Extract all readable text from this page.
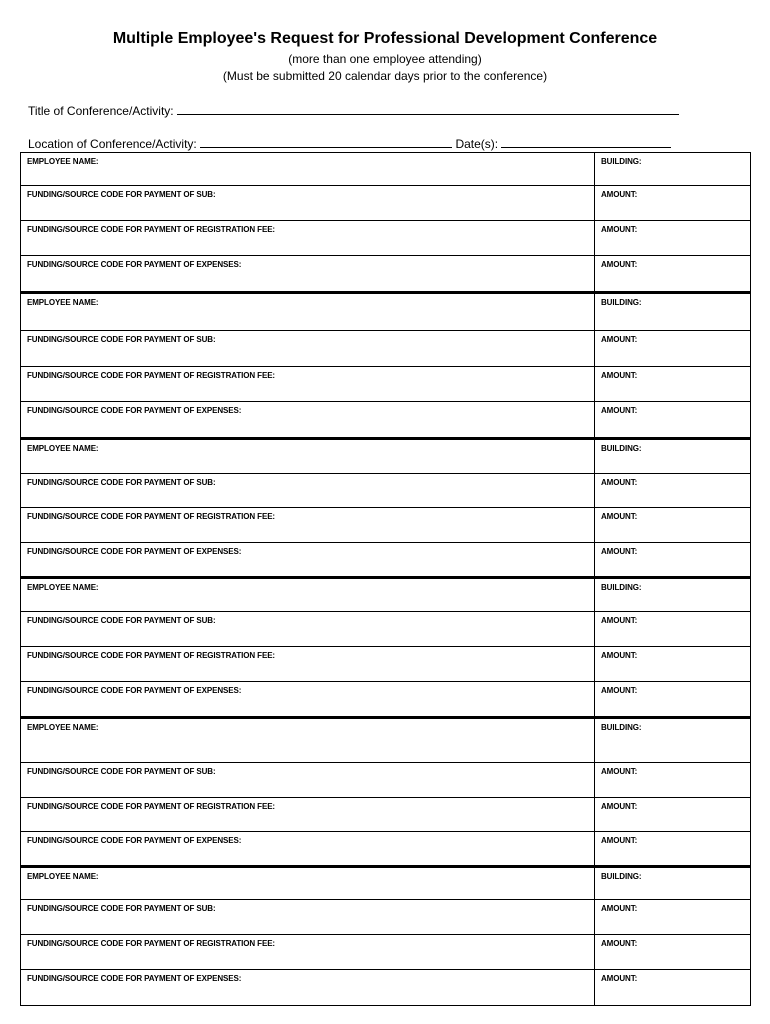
Multiple Employee's Request for Professional Development Conference
(more than one employee attending)
(Must be submitted 20 calendar days prior to the conference)
Title of Conference/Activity:
Location of Conference/Activity:	Date(s):
EMPLOYEE NAME:	BUILDING:
FUNDING/SOURCE CODE FOR PAYMENT OF SUB:	AMOUNT:
FUNDING/SOURCE CODE FOR PAYMENT OF REGISTRATION FEE:	AMOUNT:
FUNDING/SOURCE CODE FOR PAYMENT OF EXPENSES:	AMOUNT:
EMPLOYEE NAME:	BUILDING:
FUNDING/SOURCE CODE FOR PAYMENT OF SUB:	AMOUNT:
FUNDING/SOURCE CODE FOR PAYMENT OF REGISTRATION FEE:	AMOUNT:
FUNDING/SOURCE CODE FOR PAYMENT OF EXPENSES:	AMOUNT:
EMPLOYEE NAME:	BUILDING:
FUNDING/SOURCE CODE FOR PAYMENT OF SUB:	AMOUNT:
FUNDING/SOURCE CODE FOR PAYMENT OF REGISTRATION FEE:	AMOUNT:
FUNDING/SOURCE CODE FOR PAYMENT OF EXPENSES:	AMOUNT:
EMPLOYEE NAME:	BUILDING:
FUNDING/SOURCE CODE FOR PAYMENT OF SUB:	AMOUNT:
FUNDING/SOURCE CODE FOR PAYMENT OF REGISTRATION FEE:	AMOUNT:
FUNDING/SOURCE CODE FOR PAYMENT OF EXPENSES:	AMOUNT:
EMPLOYEE NAME:	BUILDING:
FUNDING/SOURCE CODE FOR PAYMENT OF SUB:	AMOUNT:
FUNDING/SOURCE CODE FOR PAYMENT OF REGISTRATION FEE:	AMOUNT:
FUNDING/SOURCE CODE FOR PAYMENT OF EXPENSES:	AMOUNT:
EMPLOYEE NAME:	BUILDING:
FUNDING/SOURCE CODE FOR PAYMENT OF SUB:	AMOUNT:
FUNDING/SOURCE CODE FOR PAYMENT OF REGISTRATION FEE:	AMOUNT:
FUNDING/SOURCE CODE FOR PAYMENT OF EXPENSES:	AMOUNT:
